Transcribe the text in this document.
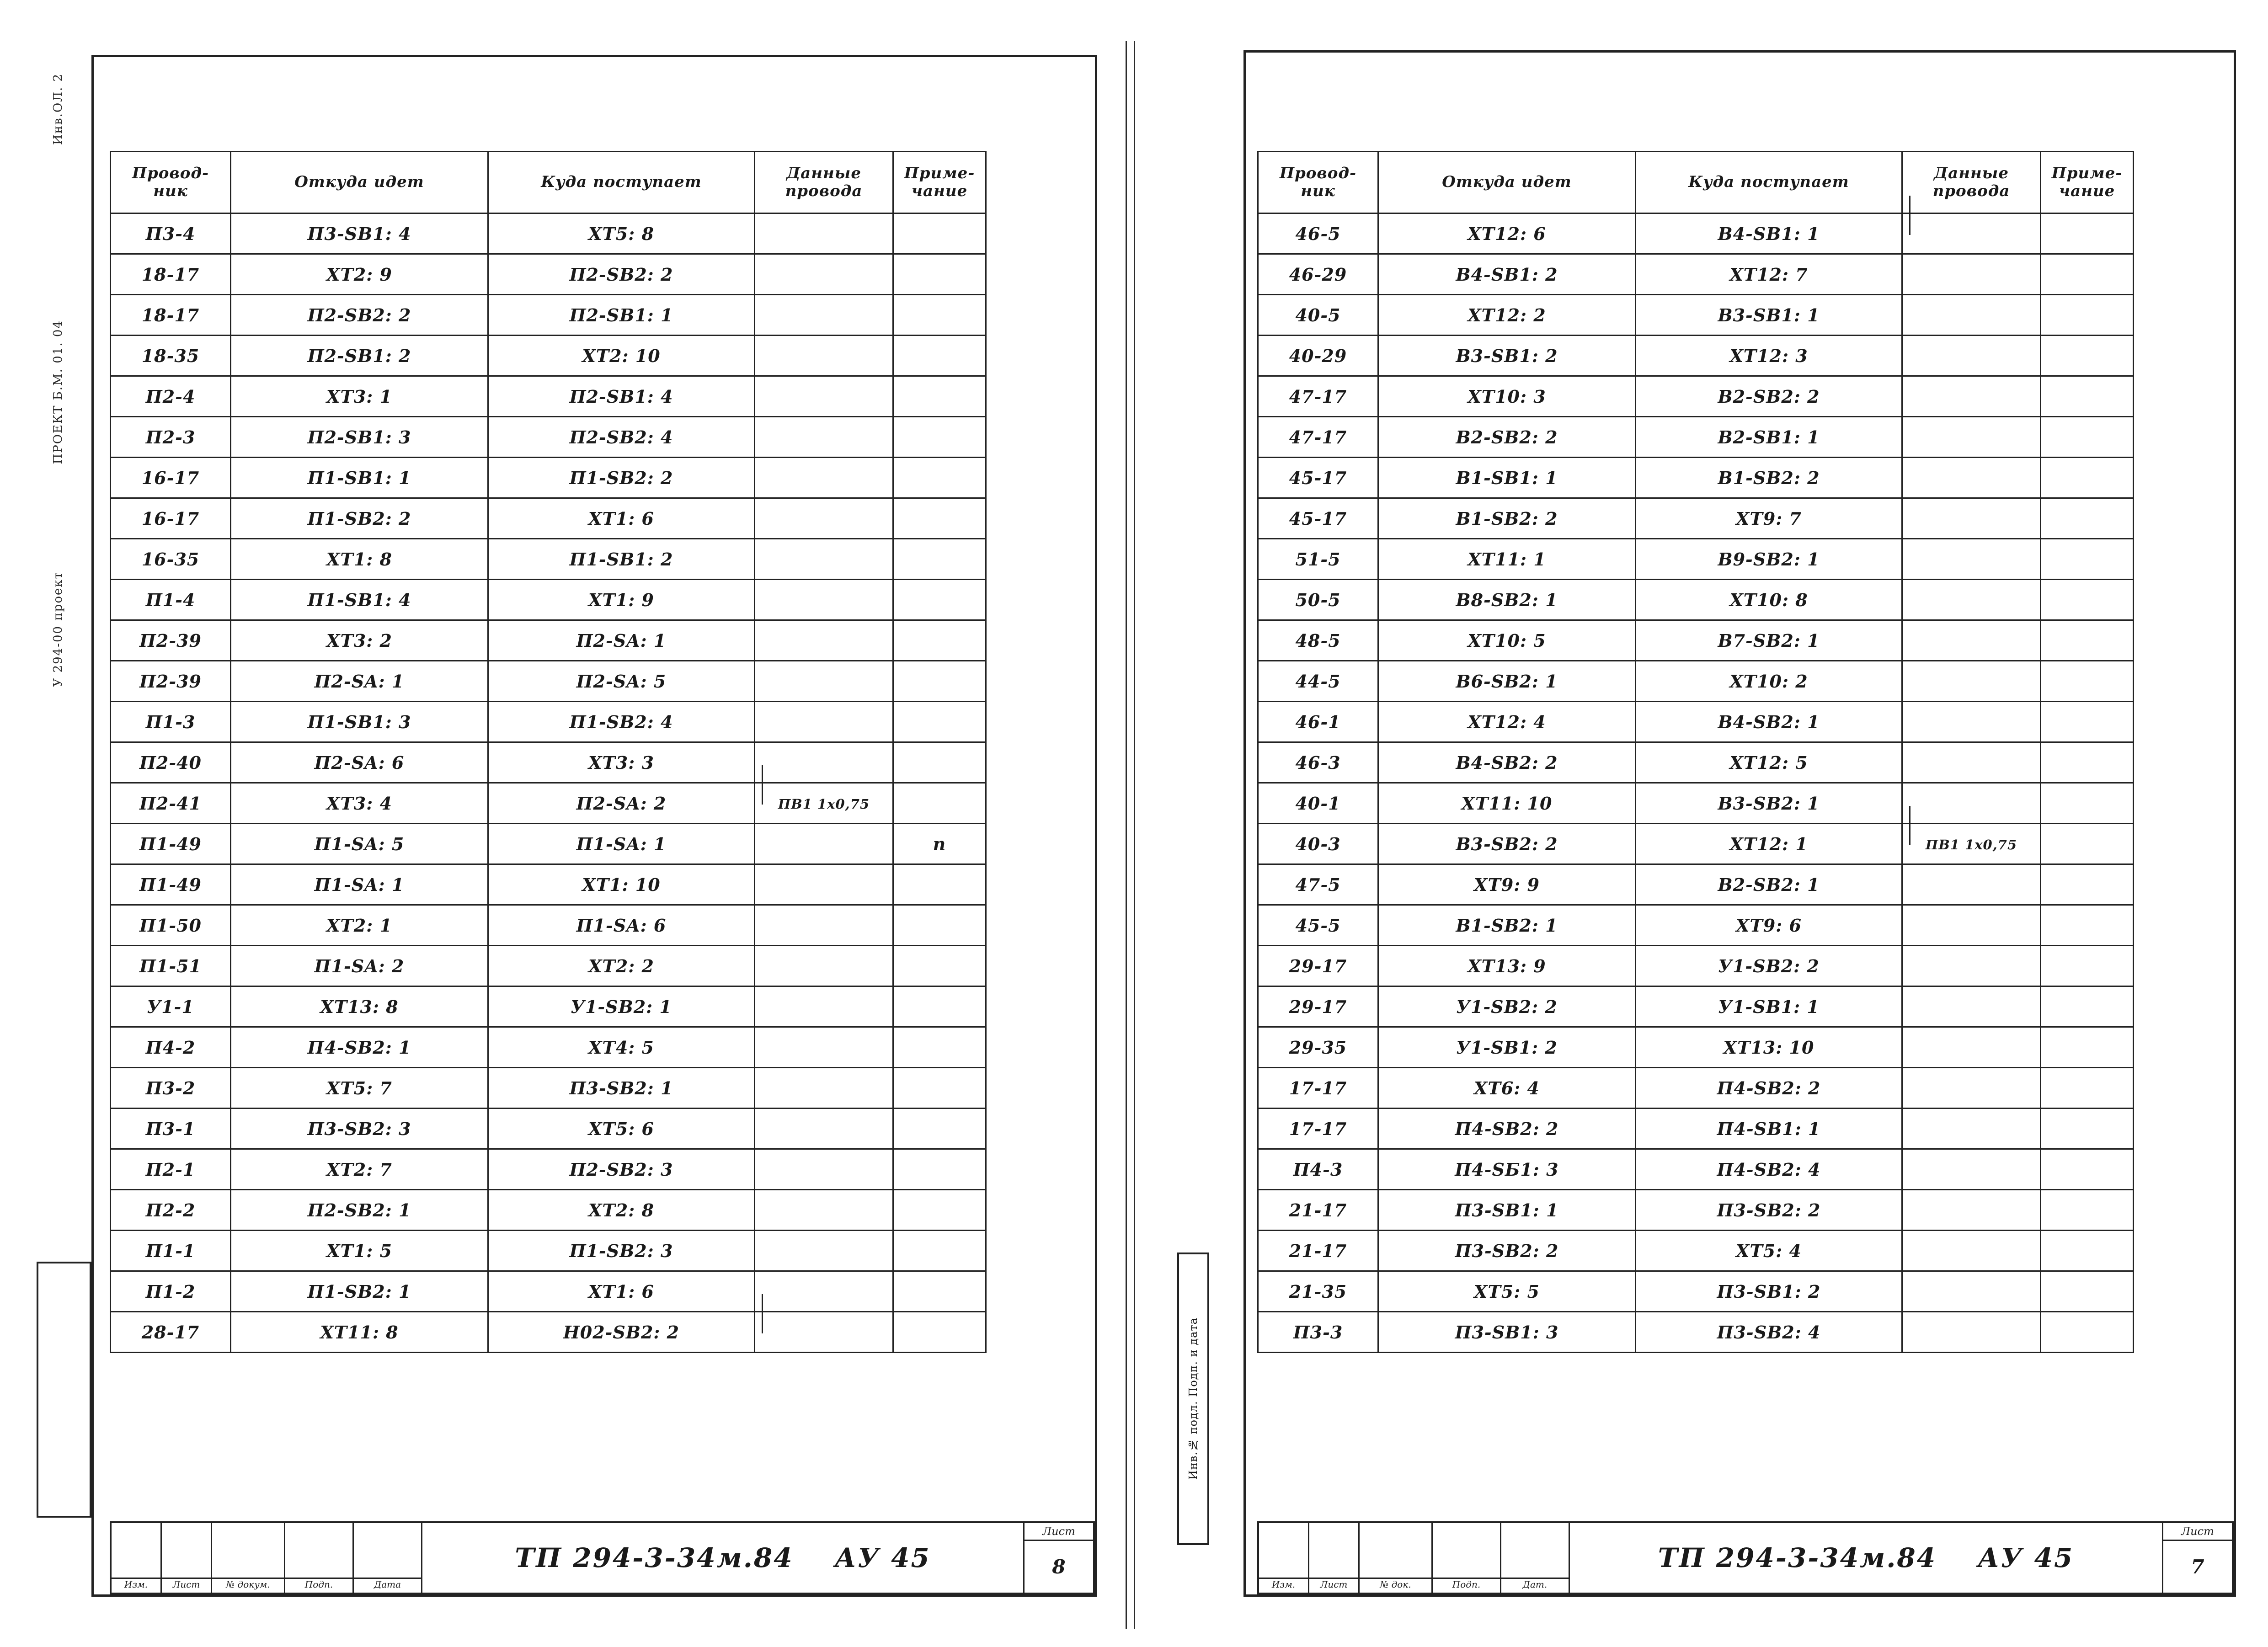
Инв.ОЛ. 2
ПРОЕКТ Б.М. 01. 04
У 294-00 проект
Провод-
ник	Откуда идет	Куда поступает	Данные
провода	Приме-
чание
П3-4	П3-SB1: 4	XT5: 8		
18-17	XT2: 9	П2-SB2: 2		
18-17	П2-SB2: 2	П2-SB1: 1		
18-35	П2-SB1: 2	XT2: 10		
П2-4	XT3: 1	П2-SB1: 4		
П2-3	П2-SB1: 3	П2-SB2: 4		
16-17	П1-SB1: 1	П1-SB2: 2		
16-17	П1-SB2: 2	XT1: 6		
16-35	XT1: 8	П1-SB1: 2		
П1-4	П1-SB1: 4	XT1: 9		
П2-39	XT3: 2	П2-SA: 1		
П2-39	П2-SA: 1	П2-SA: 5		
П1-3	П1-SB1: 3	П1-SB2: 4		
П2-40	П2-SA: 6	XT3: 3		
П2-41	XT3: 4	П2-SA: 2	ПВ1 1х0,75	
П1-49	П1-SA: 5	П1-SA: 1		п
П1-49	П1-SA: 1	XT1: 10		
П1-50	XT2: 1	П1-SA: 6		
П1-51	П1-SA: 2	XT2: 2		
У1-1	XT13: 8	У1-SB2: 1		
П4-2	П4-SB2: 1	XT4: 5		
П3-2	XT5: 7	П3-SB2: 1		
П3-1	П3-SB2: 3	XT5: 6		
П2-1	XT2: 7	П2-SB2: 3		
П2-2	П2-SB2: 1	XT2: 8		
П1-1	XT1: 5	П1-SB2: 3		
П1-2	П1-SB2: 1	XT1: 6		
28-17	XT11: 8	Н02-SB2: 2		
Изм.	Лист	№ докум.	Подп.	Дата
ТП 294-3-34м.84 АУ 45
Лист
8
Инв.№ подл. Подп. и дата
Провод-
ник	Откуда идет	Куда поступает	Данные
провода	Приме-
чание
46-5	XT12: 6	В4-SB1: 1		
46-29	В4-SB1: 2	XT12: 7		
40-5	XT12: 2	В3-SB1: 1		
40-29	В3-SB1: 2	XT12: 3		
47-17	XT10: 3	В2-SB2: 2		
47-17	В2-SB2: 2	В2-SB1: 1		
45-17	В1-SB1: 1	В1-SB2: 2		
45-17	В1-SB2: 2	XT9: 7		
51-5	XT11: 1	В9-SB2: 1		
50-5	В8-SB2: 1	XT10: 8		
48-5	XT10: 5	В7-SB2: 1		
44-5	В6-SB2: 1	XT10: 2		
46-1	XT12: 4	В4-SB2: 1		
46-3	В4-SB2: 2	XT12: 5		
40-1	XT11: 10	В3-SB2: 1		
40-3	В3-SB2: 2	XT12: 1	ПВ1 1х0,75	
47-5	XT9: 9	В2-SB2: 1		
45-5	В1-SB2: 1	XT9: 6		
29-17	XT13: 9	У1-SB2: 2		
29-17	У1-SB2: 2	У1-SB1: 1		
29-35	У1-SB1: 2	XT13: 10		
17-17	XT6: 4	П4-SB2: 2		
17-17	П4-SB2: 2	П4-SB1: 1		
П4-3	П4-SБ1: 3	П4-SB2: 4		
21-17	П3-SB1: 1	П3-SB2: 2		
21-17	П3-SB2: 2	XT5: 4		
21-35	XT5: 5	П3-SB1: 2		
П3-3	П3-SB1: 3	П3-SB2: 4		
Изм.	Лист	№ док.	Подп.	Дат.
ТП 294-3-34м.84 АУ 45
Лист
7
